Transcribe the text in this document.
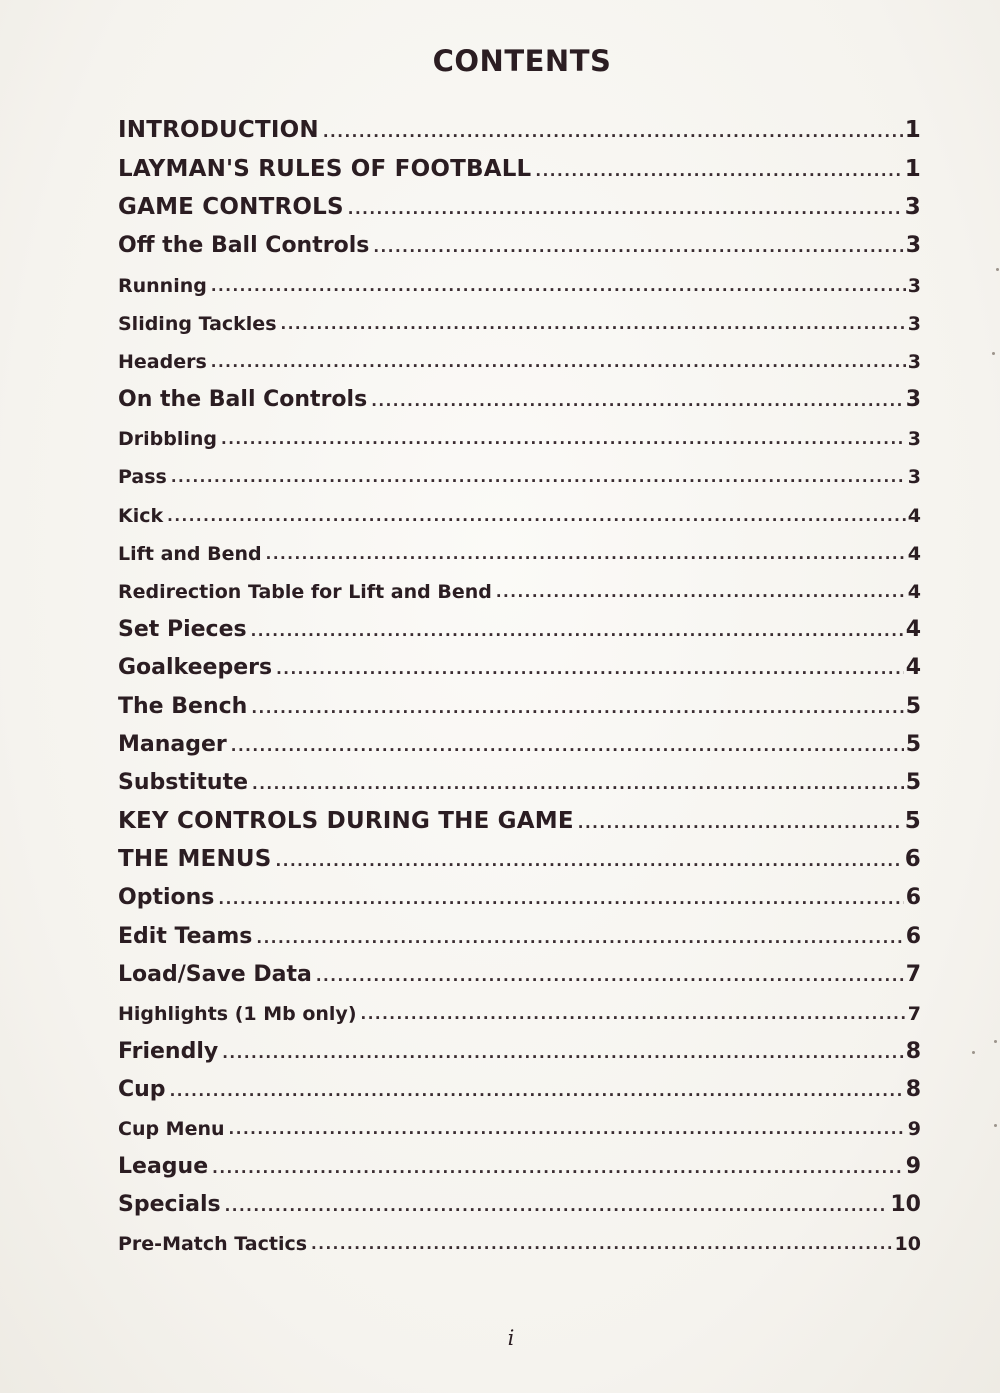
CONTENTS
INTRODUCTION .....	1
LAYMAN'S RULES OF FOOTBALL .....	1
GAME CONTROLS .....	3
Off the Ball Controls .....	3
Running .....	3
Sliding Tackles .....	3
Headers .....	3
On the Ball Controls .....	3
Dribbling .....	3
Pass .....	3
Kick .....	4
Lift and Bend .....	4
Redirection Table for Lift and Bend .....	4
Set Pieces .....	4
Goalkeepers .....	4
The Bench .....	5
Manager .....	5
Substitute .....	5
KEY CONTROLS DURING THE GAME .....	5
THE MENUS .....	6
Options .....	6
Edit Teams .....	6
Load/Save Data .....	7
Highlights (1 Mb only) .....	7
Friendly .....	8
Cup .....	8
Cup Menu .....	9
League .....	9
Specials .....	10
Pre-Match Tactics .....	10
i
